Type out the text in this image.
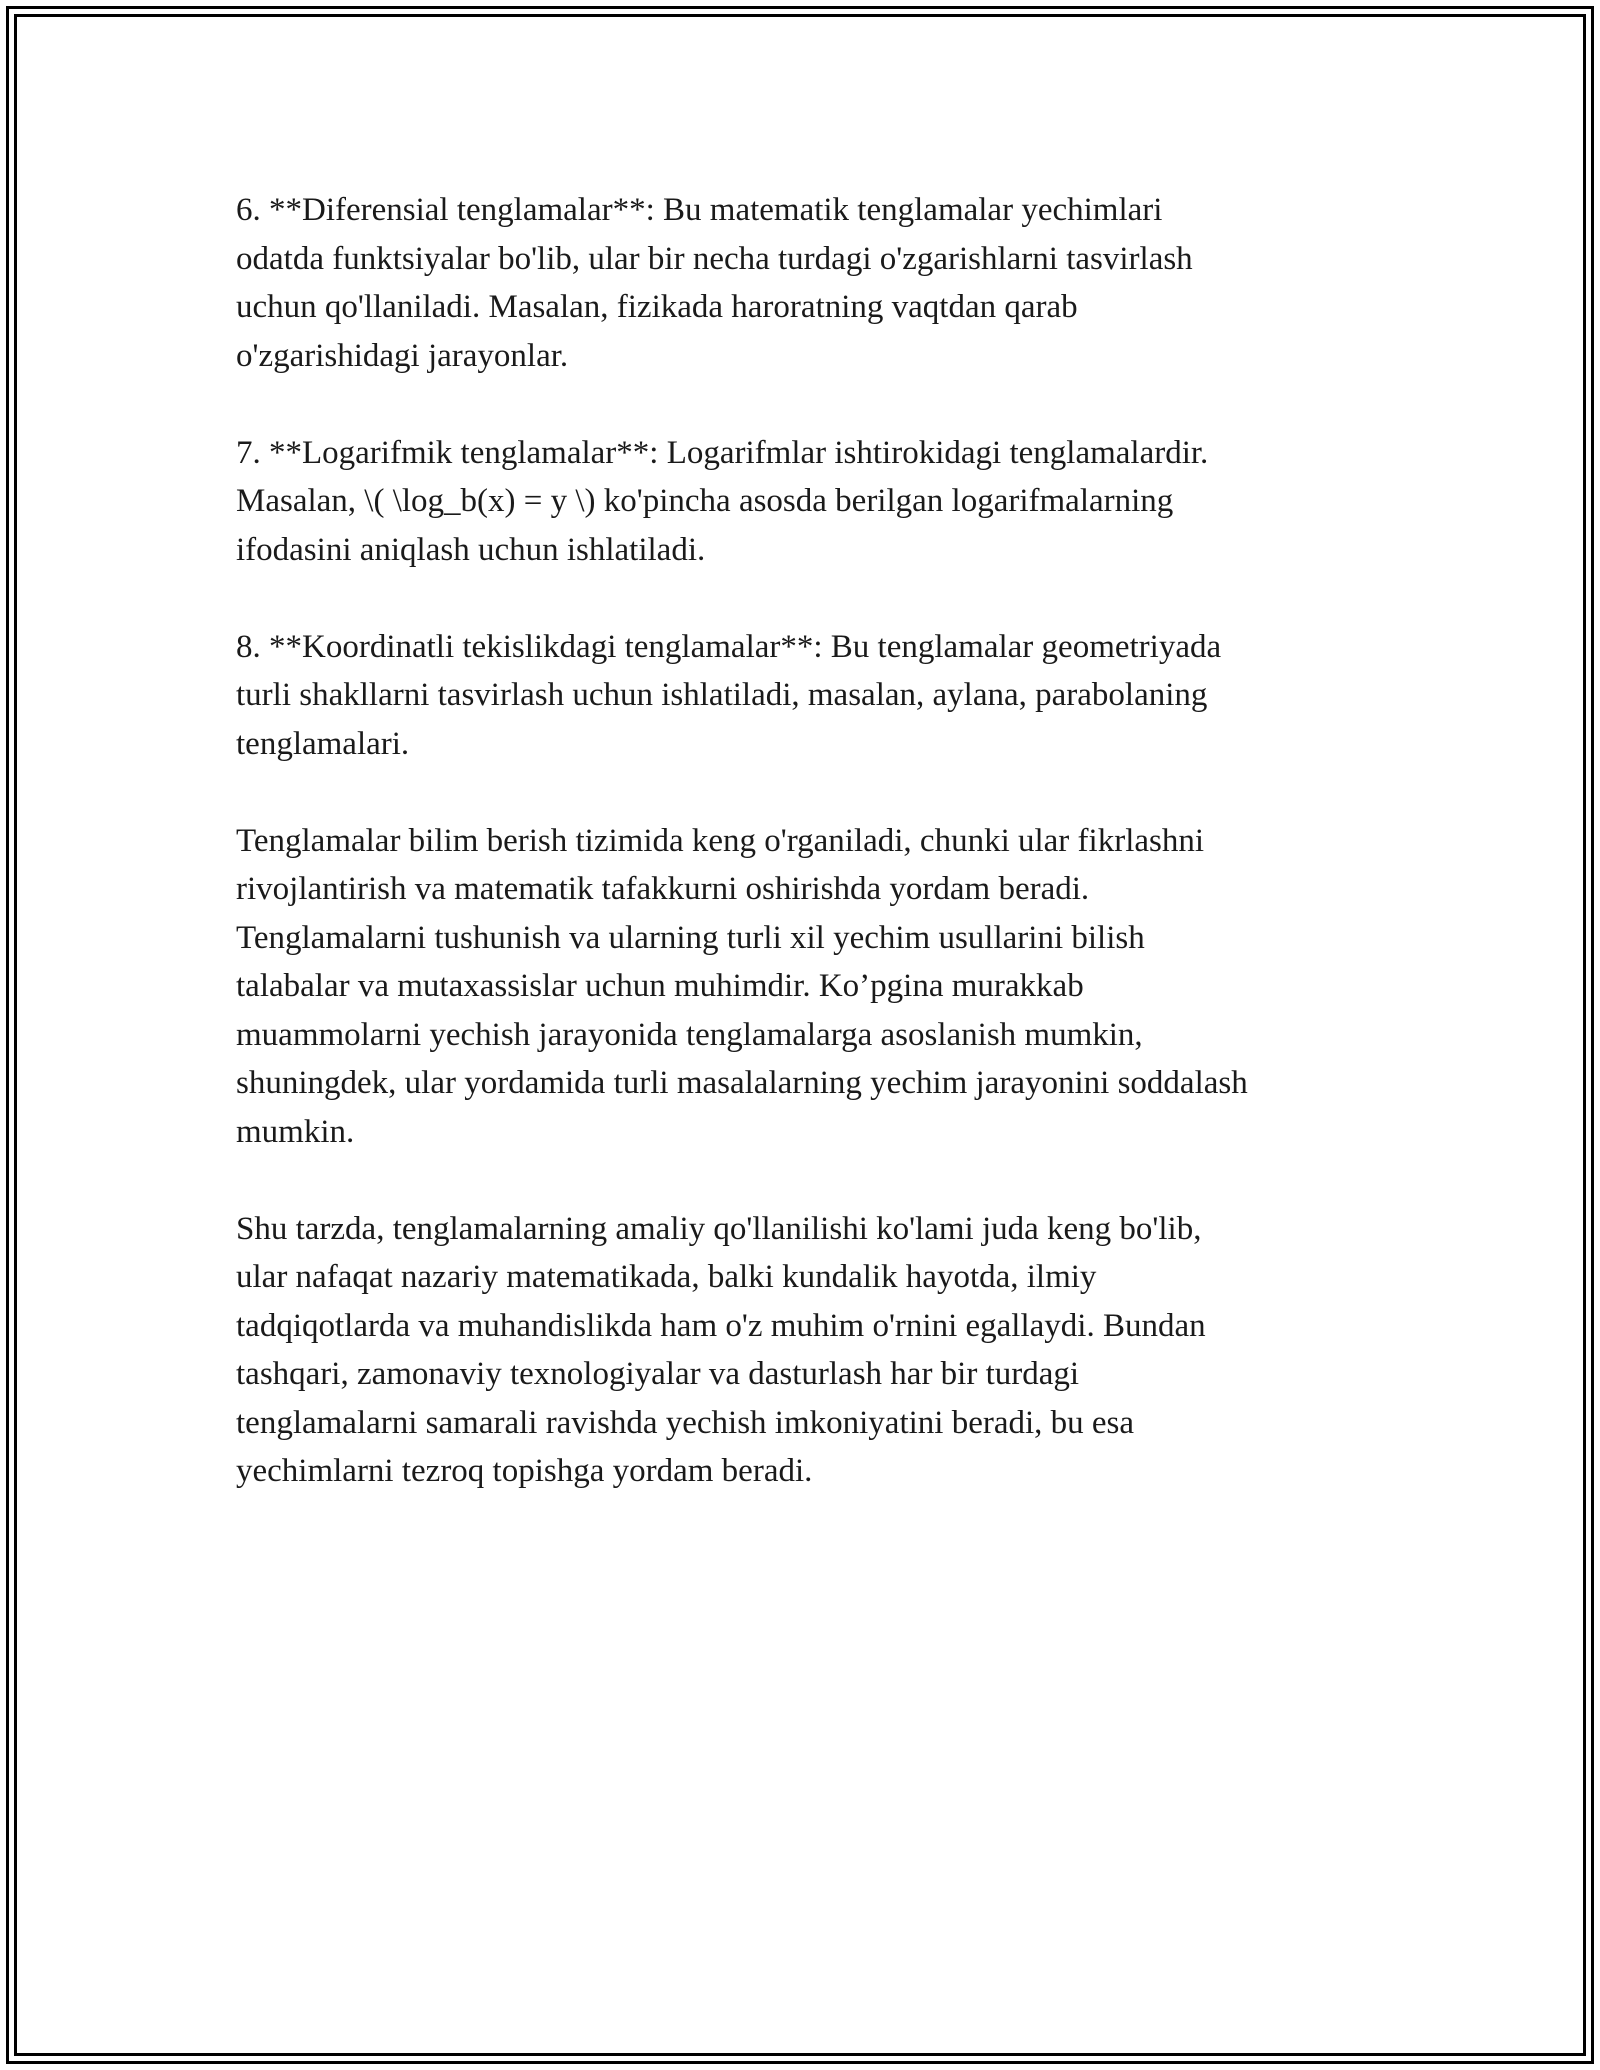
6. **Diferensial tenglamalar**: Bu matematik tenglamalar yechimlari
odatda funktsiyalar bo'lib, ular bir necha turdagi o'zgarishlarni tasvirlash
uchun qo'llaniladi. Masalan, fizikada haroratning vaqtdan qarab
o'zgarishidagi jarayonlar.

7. **Logarifmik tenglamalar**: Logarifmlar ishtirokidagi tenglamalardir.
Masalan, \( \log_b(x) = y \) ko'pincha asosda berilgan logarifmalarning
ifodasini aniqlash uchun ishlatiladi.

8. **Koordinatli tekislikdagi tenglamalar**: Bu tenglamalar geometriyada
turli shakllarni tasvirlash uchun ishlatiladi, masalan, aylana, parabolaning
tenglamalari.

Tenglamalar bilim berish tizimida keng o'rganiladi, chunki ular fikrlashni
rivojlantirish va matematik tafakkurni oshirishda yordam beradi.
Tenglamalarni tushunish va ularning turli xil yechim usullarini bilish
talabalar va mutaxassislar uchun muhimdir. Ko’pgina murakkab
muammolarni yechish jarayonida tenglamalarga asoslanish mumkin,
shuningdek, ular yordamida turli masalalarning yechim jarayonini soddalash
mumkin.

Shu tarzda, tenglamalarning amaliy qo'llanilishi ko'lami juda keng bo'lib,
ular nafaqat nazariy matematikada, balki kundalik hayotda, ilmiy
tadqiqotlarda va muhandislikda ham o'z muhim o'rnini egallaydi. Bundan
tashqari, zamonaviy texnologiyalar va dasturlash har bir turdagi
tenglamalarni samarali ravishda yechish imkoniyatini beradi, bu esa
yechimlarni tezroq topishga yordam beradi.
